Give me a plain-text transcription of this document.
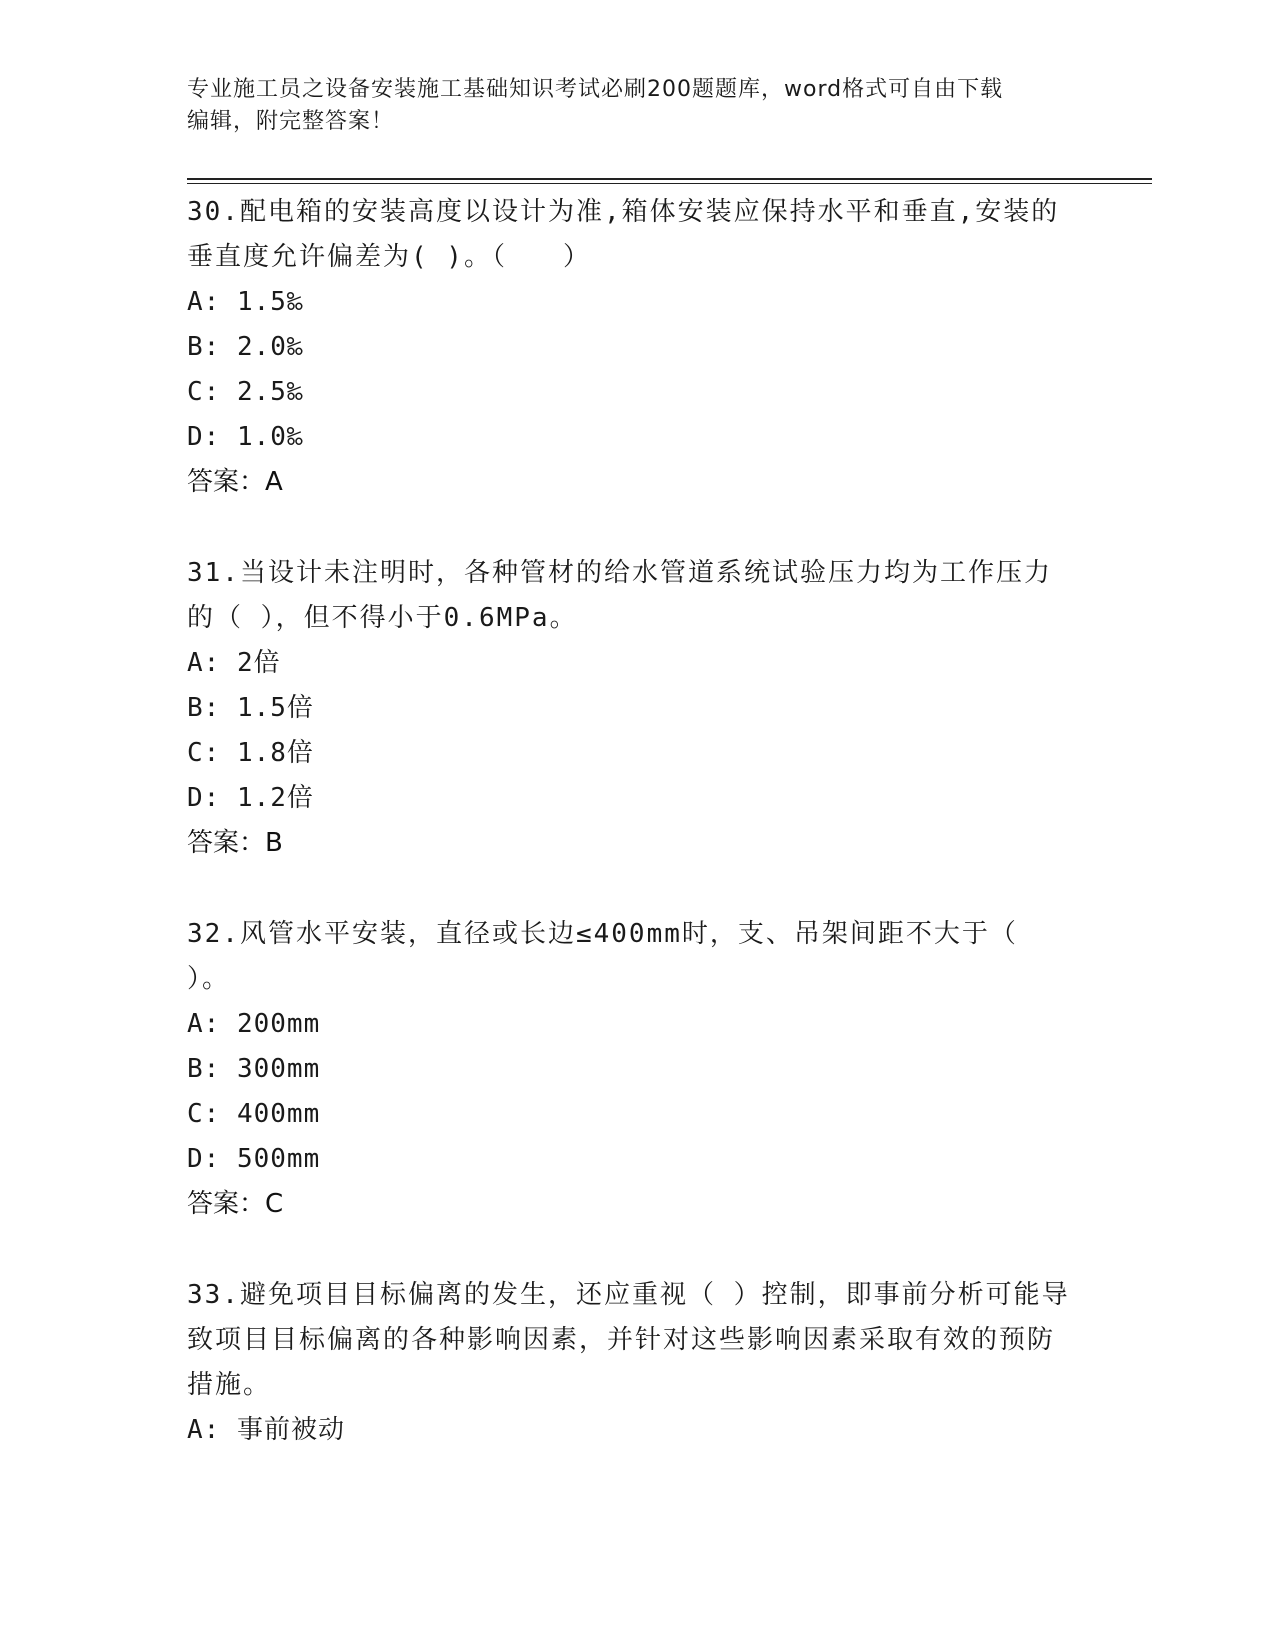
专业施工员之设备安装施工基础知识考试必刷200题题库，word格式可自由下载
编辑，附完整答案！

30.配电箱的安装高度以设计为准,箱体安装应保持水平和垂直,安装的垂直度允许偏差为( )。（　　）

A: 1.5‰

B: 2.0‰

C: 2.5‰

D: 1.0‰

答案：A

31.当设计未注明时，各种管材的给水管道系统试验压力均为工作压力的（ ），但不得小于0.6MPa。

A: 2倍

B: 1.5倍

C: 1.8倍

D: 1.2倍

答案：B

32.风管水平安装，直径或长边≤400mm时，支、吊架间距不大于（ ）。

A: 200mm

B: 300mm

C: 400mm

D: 500mm

答案：C

33.避免项目目标偏离的发生，还应重视（ ）控制，即事前分析可能导致项目目标偏离的各种影响因素，并针对这些影响因素采取有效的预防措施。

A: 事前被动
